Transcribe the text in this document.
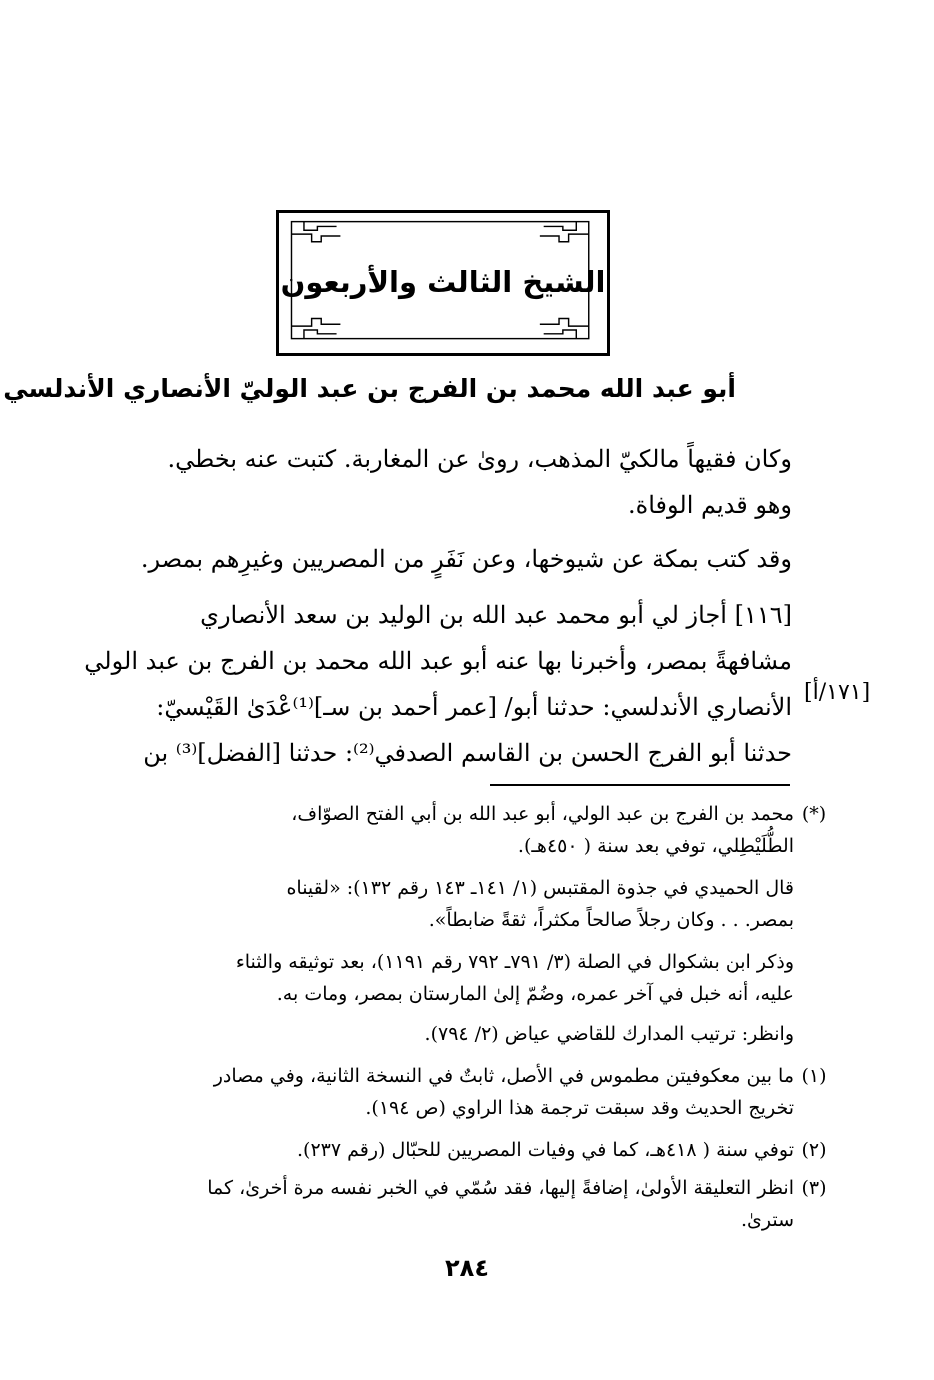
الشيخ الثالث والأربعون
أبو عبد الله محمد بن الفرج بن عبد الوليّ الأنصاري الأندلسي
وكان فقيهاً مالكيّ المذهب، روىٰ عن المغاربة. كتبت عنه بخطي.
وهو قديم الوفاة.
وقد كتب بمكة عن شيوخها، وعن نَفَرٍ من المصريين وغيرِهم بمصر.
[١١٦] أجاز لي أبو محمد عبد الله بن الوليد بن سعد الأنصاري
مشافهةً بمصر، وأخبرنا بها عنه أبو عبد الله محمد بن الفرج بن عبد الولي
الأنصاري الأندلسي: حدثنا أبو/ [عمر أحمد بن سـ]⁽¹⁾عْدَىٰ القَيْسيّ:
حدثنا أبو الفرج الحسن بن القاسم الصدفي⁽²⁾: حدثنا [الفضل]⁽³⁾ بن
[١٧١/أ]
(*)
محمد بن الفرج بن عبد الولي، أبو عبد الله بن أبي الفتح الصوّاف،
الطُّلَيْطِلي، توفي بعد سنة ( ٤٥٠هـ).
قال الحميدي في جذوة المقتبس (١/ ١٤١ـ ١٤٣ رقم ١٣٢): «لقيناه
بمصر. . . وكان رجلاً صالحاً مكثراً، ثقةً ضابطاً».
وذكر ابن بشكوال في الصلة (٣/ ٧٩١ـ ٧٩٢ رقم ١١٩١)، بعد توثيقه والثناء
عليه، أنه خبل في آخر عمره، وضُمّ إلىٰ المارستان بمصر، ومات به.
وانظر: ترتيب المدارك للقاضي عياض (٢/ ٧٩٤).
(١)
ما بين معكوفيتن مطموس في الأصل، ثابتٌ في النسخة الثانية، وفي مصادر
تخريج الحديث وقد سبقت ترجمة هذا الراوي (ص ١٩٤).
(٢)
توفي سنة ( ٤١٨هـ، كما في وفيات المصريين للحبّال (رقم ٢٣٧).
(٣)
انظر التعليقة الأولىٰ، إضافةً إليها، فقد سُمّي في الخبر نفسه مرة أخرىٰ، كما
سترىٰ.
٢٨٤
